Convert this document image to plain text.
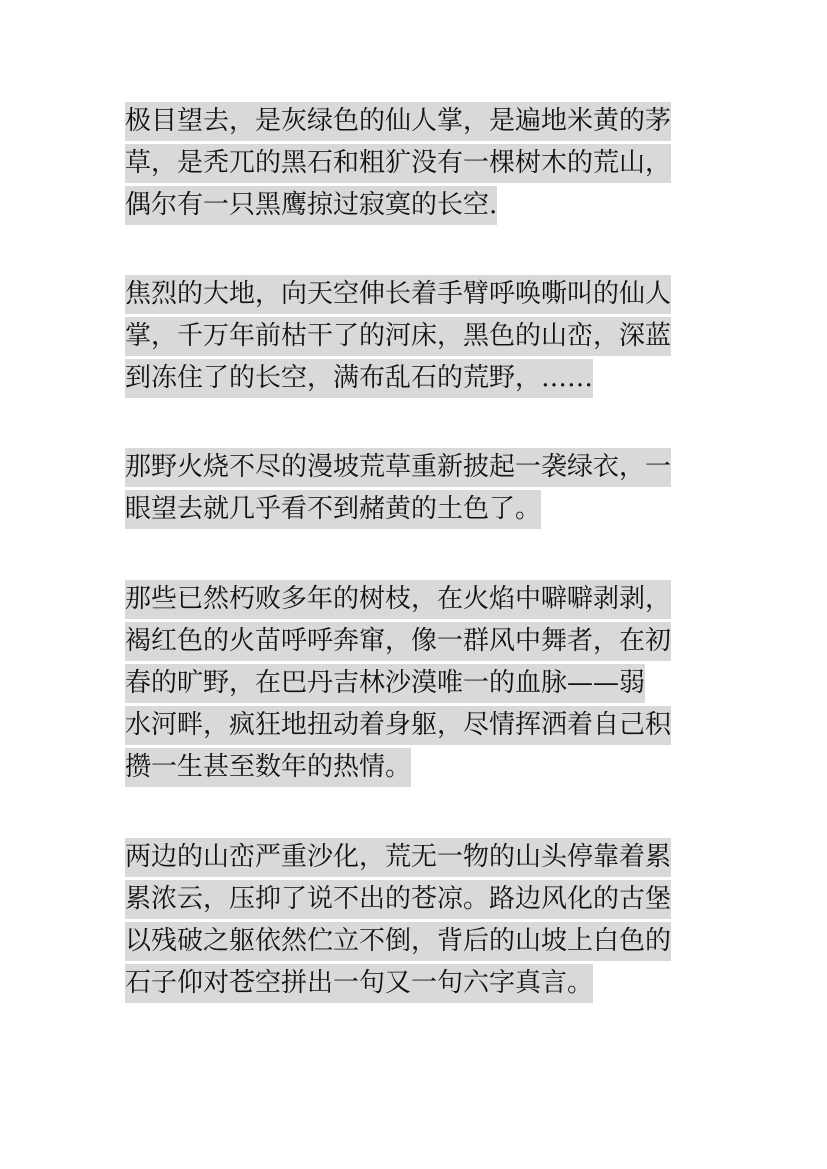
极目望去，是灰绿色的仙人掌，是遍地米黄的茅
草，是秃兀的黑石和粗犷没有一棵树木的荒山，
偶尔有一只黑鹰掠过寂寞的长空.
焦烈的大地，向天空伸长着手臂呼唤嘶叫的仙人
掌，千万年前枯干了的河床，黑色的山峦，深蓝
到冻住了的长空，满布乱石的荒野，……
那野火烧不尽的漫坡荒草重新披起一袭绿衣，一
眼望去就几乎看不到赭黄的土色了。
那些已然朽败多年的树枝，在火焰中噼噼剥剥，
褐红色的火苗呼呼奔窜，像一群风中舞者，在初
春的旷野，在巴丹吉林沙漠唯一的血脉——弱
水河畔，疯狂地扭动着身躯，尽情挥洒着自己积
攒一生甚至数年的热情。
两边的山峦严重沙化，荒无一物的山头停靠着累
累浓云，压抑了说不出的苍凉。路边风化的古堡
以残破之躯依然伫立不倒，背后的山坡上白色的
石子仰对苍空拼出一句又一句六字真言。
